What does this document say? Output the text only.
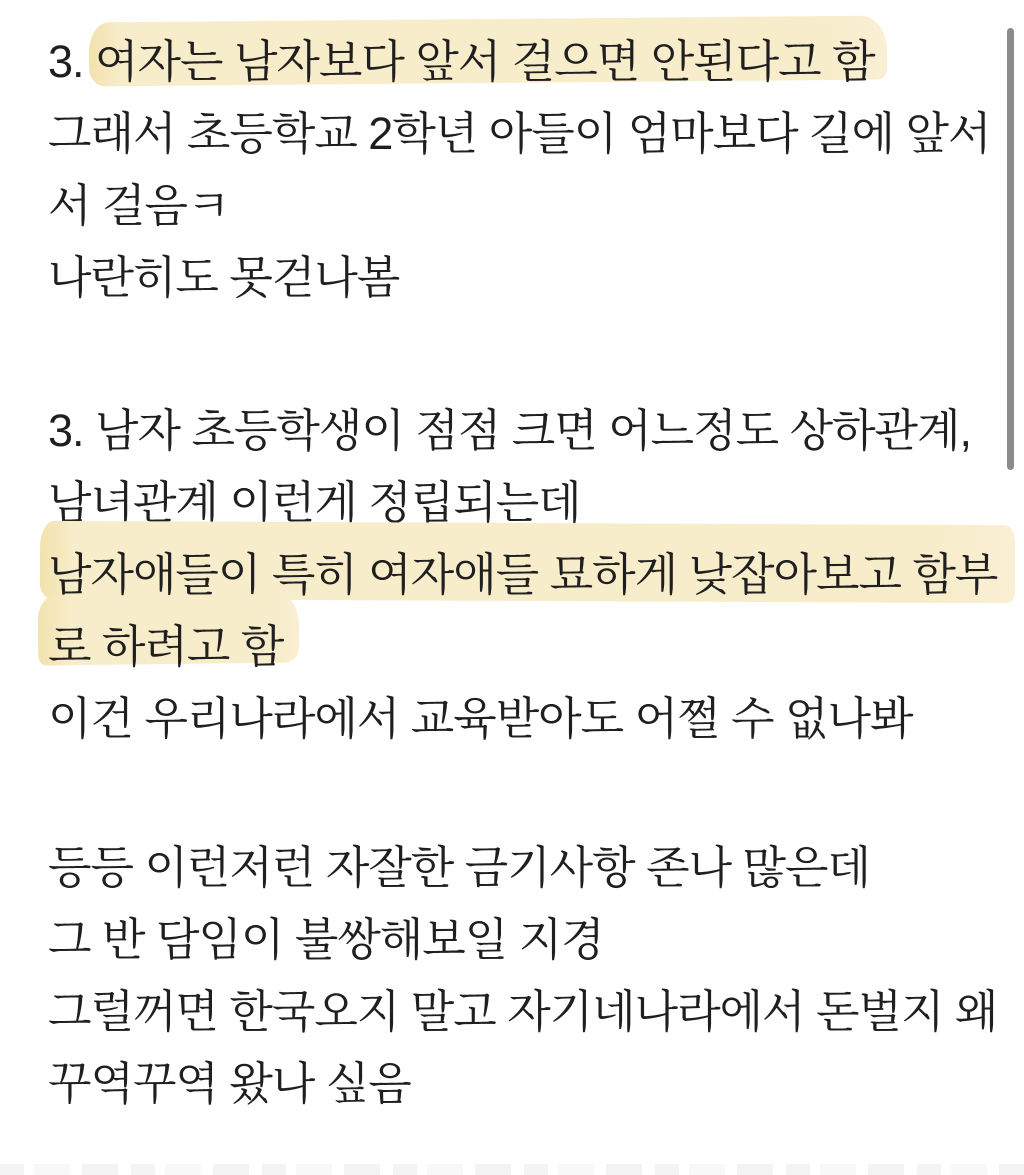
3. 여자는 남자보다 앞서 걸으면 안된다고 함
그래서 초등학교 2학년 아들이 엄마보다 길에 앞서
서 걸음ㅋ
나란히도 못걷나봄
3. 남자 초등학생이 점점 크면 어느정도 상하관계,
남녀관계 이런게 정립되는데
남자애들이 특히 여자애들 묘하게 낮잡아보고 함부
로 하려고 함
이건 우리나라에서 교육받아도 어쩔 수 없나봐
등등 이런저런 자잘한 금기사항 존나 많은데
그 반 담임이 불쌍해보일 지경
그럴꺼면 한국오지 말고 자기네나라에서 돈벌지 왜
꾸역꾸역 왔나 싶음
